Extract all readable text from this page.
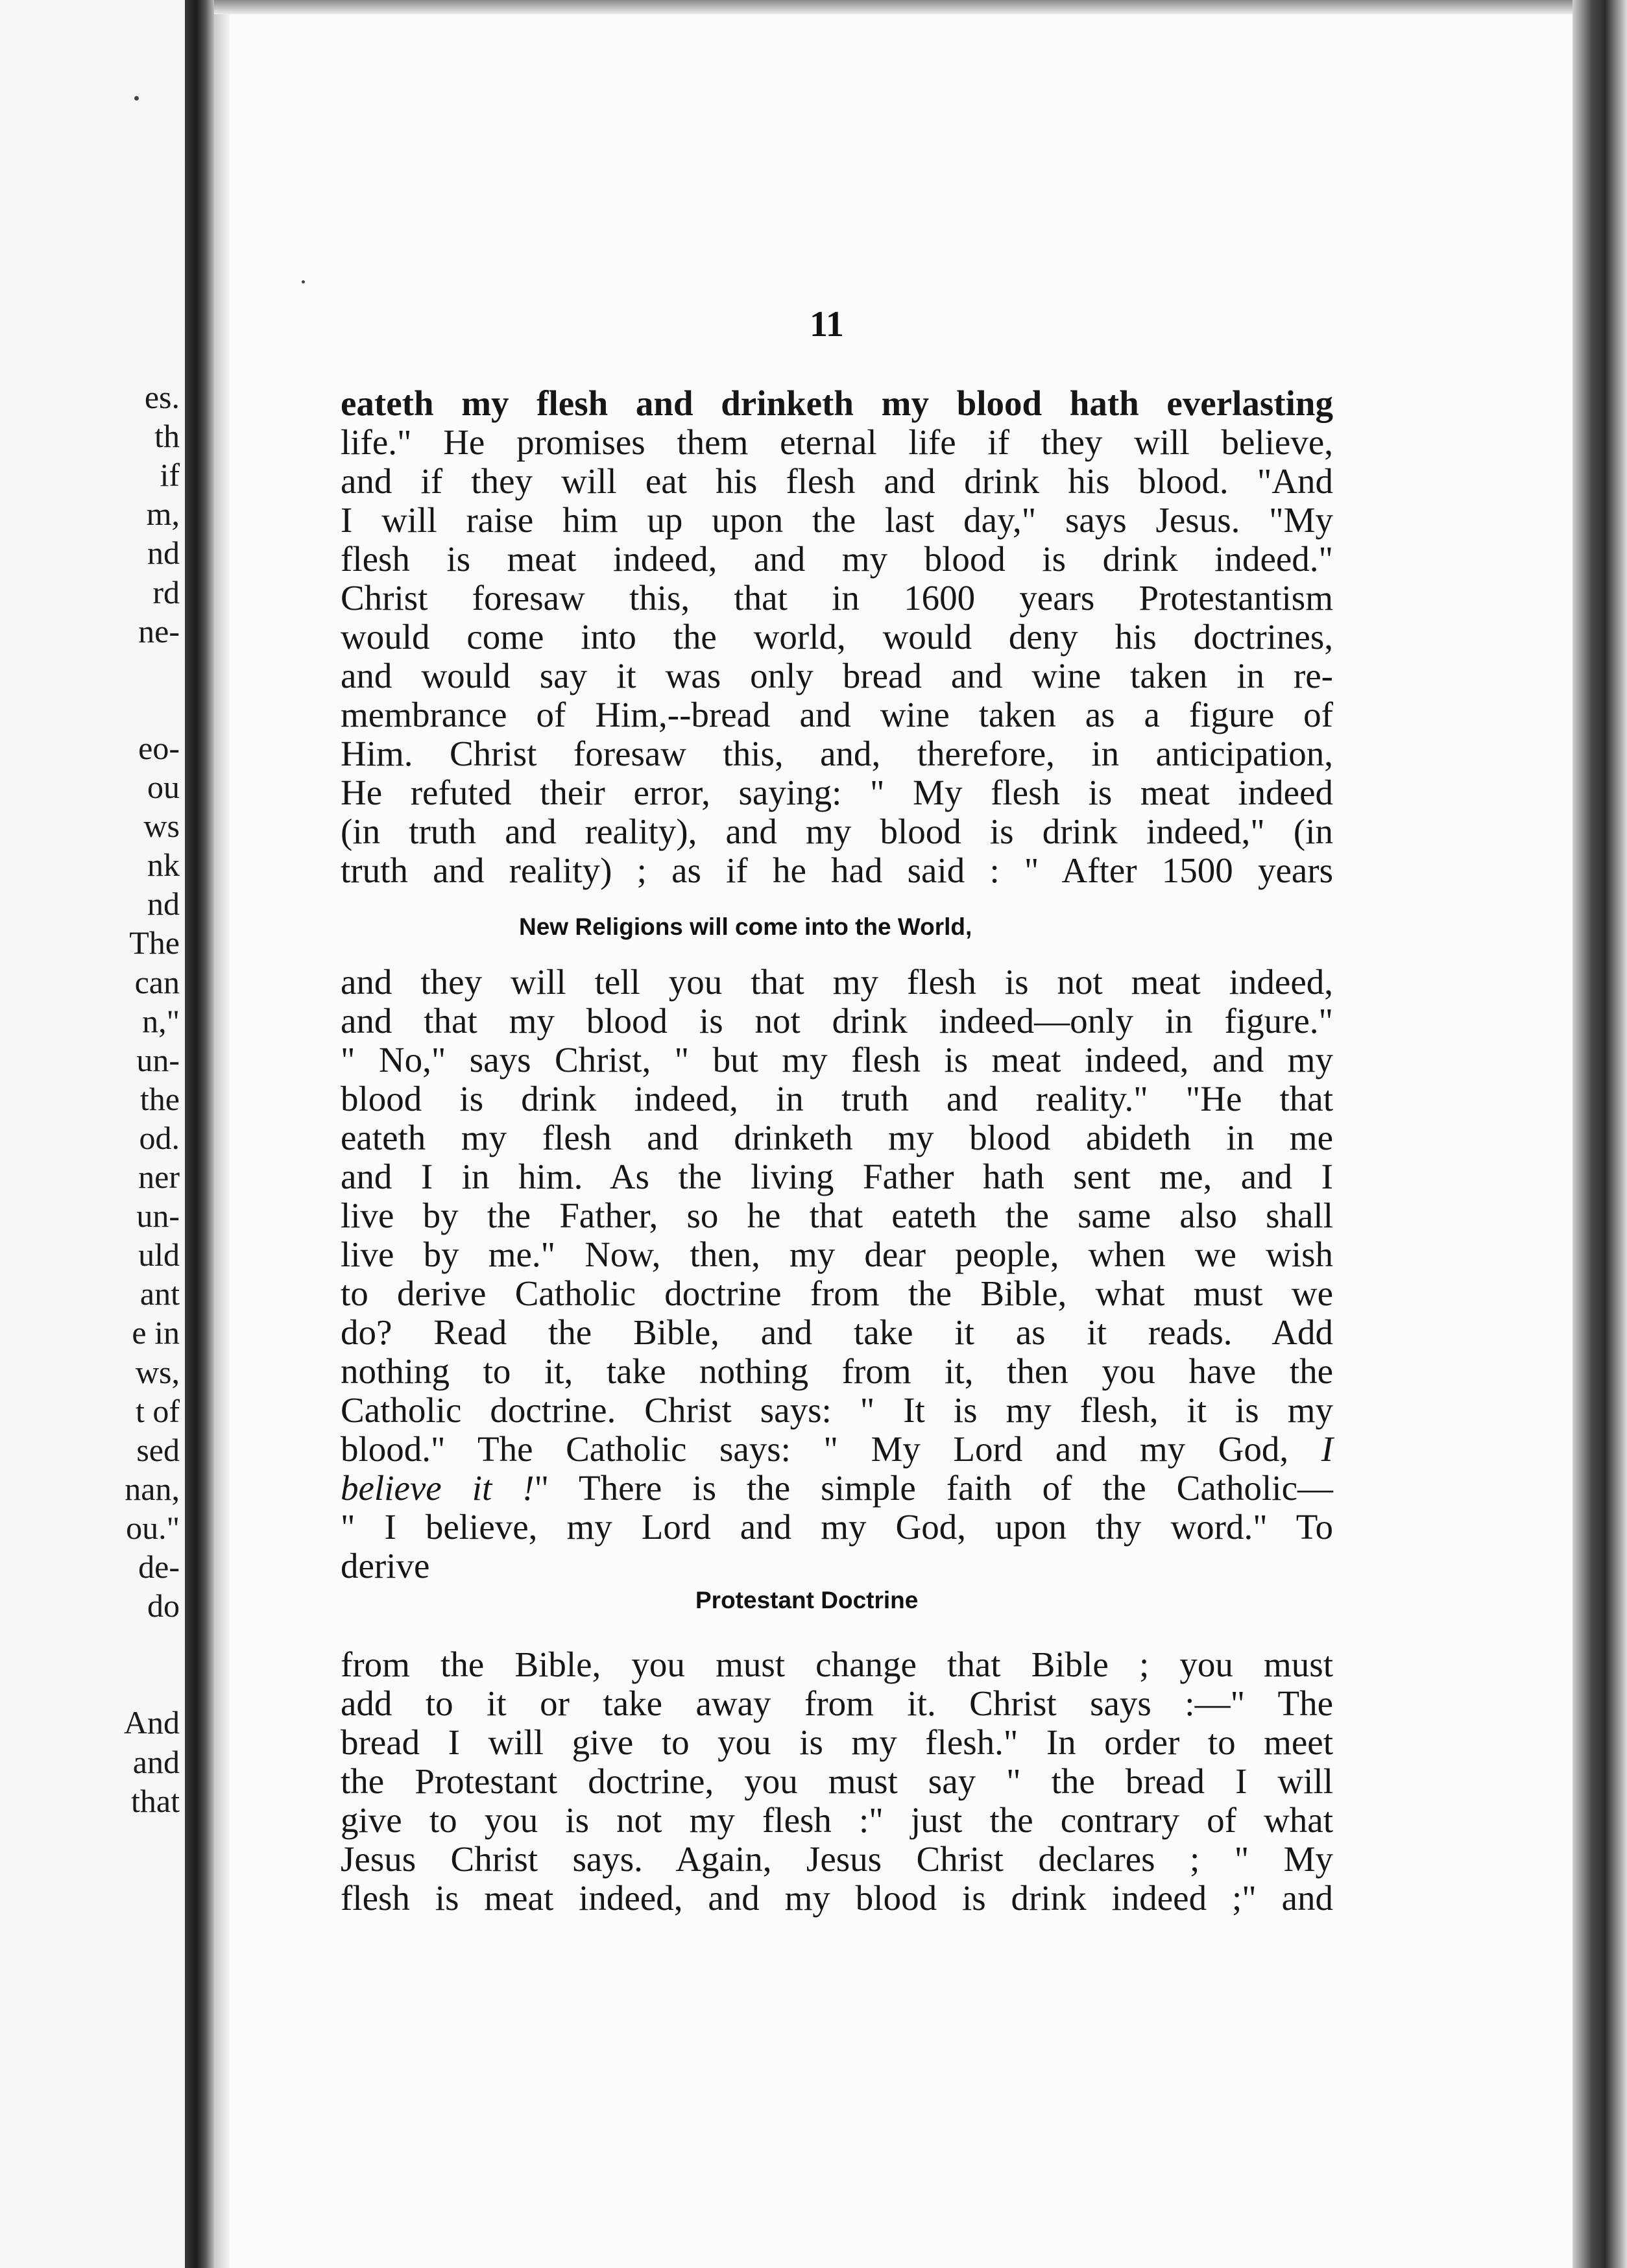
es.
th
if
m,
nd
rd
ne-
eo-
ou
ws
nk
nd
The
can
n,"
un-
the
od.
ner
un-
uld
ant
e in
ws,
t of
sed
nan,
ou."
de-
do
And
and
that
11
eateth my flesh and drinketh my blood hath everlasting
life." He promises them eternal life if they will believe,
and if they will eat his flesh and drink his blood. "And
I will raise him up upon the last day," says Jesus. "My
flesh is meat indeed, and my blood is drink indeed."
Christ foresaw this, that in 1600 years Protestantism
would come into the world, would deny his doctrines,
and would say it was only bread and wine taken in re-
membrance of Him,--bread and wine taken as a figure of
Him. Christ foresaw this, and, therefore, in anticipation,
He refuted their error, saying: " My flesh is meat indeed
(in truth and reality), and my blood is drink indeed," (in
truth and reality) ; as if he had said : " After 1500 years
New Religions will come into the World,
and they will tell you that my flesh is not meat indeed,
and that my blood is not drink indeed—only in figure."
" No," says Christ, " but my flesh is meat indeed, and my
blood is drink indeed, in truth and reality." "He that
eateth my flesh and drinketh my blood abideth in me
and I in him. As the living Father hath sent me, and I
live by the Father, so he that eateth the same also shall
live by me." Now, then, my dear people, when we wish
to derive Catholic doctrine from the Bible, what must we
do? Read the Bible, and take it as it reads. Add
nothing to it, take nothing from it, then you have the
Catholic doctrine. Christ says: " It is my flesh, it is my
blood." The Catholic says: " My Lord and my God, I
believe it !" There is the simple faith of the Catholic—
" I believe, my Lord and my God, upon thy word." To
derive
Protestant Doctrine
from the Bible, you must change that Bible ; you must
add to it or take away from it. Christ says :—" The
bread I will give to you is my flesh." In order to meet
the Protestant doctrine, you must say " the bread I will
give to you is not my flesh :" just the contrary of what
Jesus Christ says. Again, Jesus Christ declares ; " My
flesh is meat indeed, and my blood is drink indeed ;" and
